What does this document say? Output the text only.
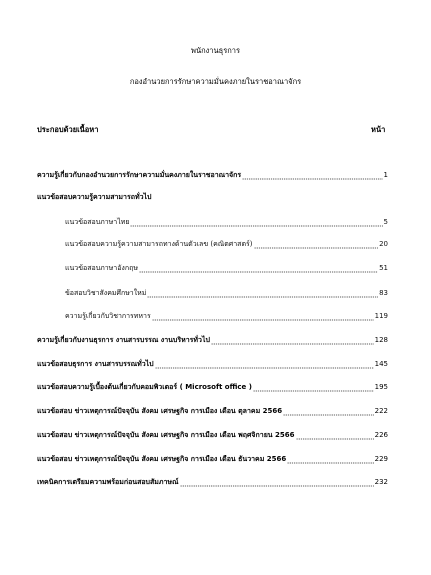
พนักงานธุรการ
กองอำนวยการรักษาความมั่นคงภายในราชอาณาจักร
ประกอบด้วยเนื้อหา	หน้า
ความรู้เกี่ยวกับกองอำนวยการรักษาความมั่นคงภายในราชอาณาจักร	1
แนวข้อสอบความรู้ความสามารถทั่วไป
แนวข้อสอบภาษาไทย	5
แนวข้อสอบความรู้ความสามารถทางด้านตัวเลข (คณิตศาสตร์)	20
แนวข้อสอบภาษาอังกฤษ	51
ข้อสอบวิชาสังคมศึกษาใหม่	83
ความรู้เกี่ยวกับวิชาการทหาร	119
ความรู้เกี่ยวกับงานธุรการ งานสารบรรณ งานบริหารทั่วไป	128
แนวข้อสอบธุรการ งานสารบรรณทั่วไป	145
แนวข้อสอบความรู้เบื้องต้นเกี่ยวกับคอมพิวเตอร์ ( Microsoft office )	195
แนวข้อสอบ ข่าวเหตุการณ์ปัจจุบัน สังคม เศรษฐกิจ การเมือง เดือน ตุลาคม 2566	222
แนวข้อสอบ ข่าวเหตุการณ์ปัจจุบัน สังคม เศรษฐกิจ การเมือง เดือน พฤศจิกายน 2566	226
แนวข้อสอบ ข่าวเหตุการณ์ปัจจุบัน สังคม เศรษฐกิจ การเมือง เดือน ธันวาคม 2566	229
เทคนิคการเตรียมความพร้อมก่อนสอบสัมภาษณ์	232
